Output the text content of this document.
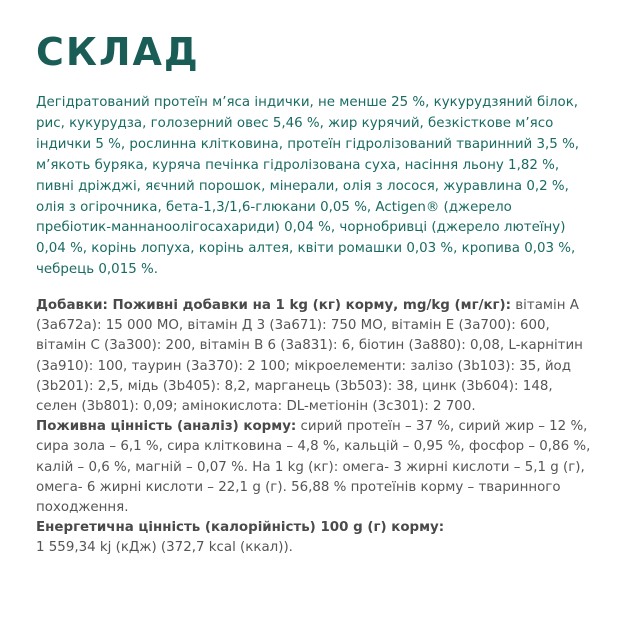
СКЛАД

Дегідратований протеїн м’яса індички, не менше 25 %, кукурудзяний білок, рис, кукурудза, голозерний овес 5,46 %, жир курячий, безкісткове м’ясо індички 5 %, рослинна клітковина, протеїн гідролізований тваринний 3,5 %, м’якоть буряка, куряча печінка гідролізована суха, насіння льону 1,82 %, пивні дріжджі, яєчний порошок, мінерали, олія з лосося, журавлина 0,2 %, олія з огірочника, бета-1,3/1,6-глюкани 0,05 %, Actigen® (джерело пребіотик-маннаноолігосахариди) 0,04 %, чорнобривці (джерело лютеїну) 0,04 %, корінь лопуха, корінь алтея, квіти ромашки 0,03 %, кропива 0,03 %, чебрець 0,015 %.

Добавки: Поживні добавки на 1 kg (кг) корму, mg/kg (мг/кг): вітамін A (3a672a): 15 000 МО, вітамін Д 3 (3а671): 750 МО, вітамін E (3а700): 600, вітамін C (3а300): 200, вітамін B 6 (3а831): 6, біотин (3а880): 0,08, L-карнітин (3а910): 100, таурин (3а370): 2 100; мікроелементи: залізо (3b103): 35, йод (3b201): 2,5, мідь (3b405): 8,2, марганець (3b503): 38, цинк (3b604): 148, селен (3b801): 0,09; амінокислота: DL-метіонін (3c301): 2 700.

Поживна цінність (аналіз) корму: сирий протеїн – 37 %, сирий жир – 12 %, сира зола – 6,1 %, сира клітковина – 4,8 %, кальцій – 0,95 %, фосфор – 0,86 %, калій – 0,6 %, магній – 0,07 %. На 1 kg (кг): омега- 3 жирні кислоти – 5,1 g (г), омега- 6 жирні кислоти – 22,1 g (г). 56,88 % протеїнів корму – тваринного походження.

Енергетична цінність (калорійність) 100 g (г) корму:
1 559,34 kj (кДж) (372,7 kcal (ккал)).
